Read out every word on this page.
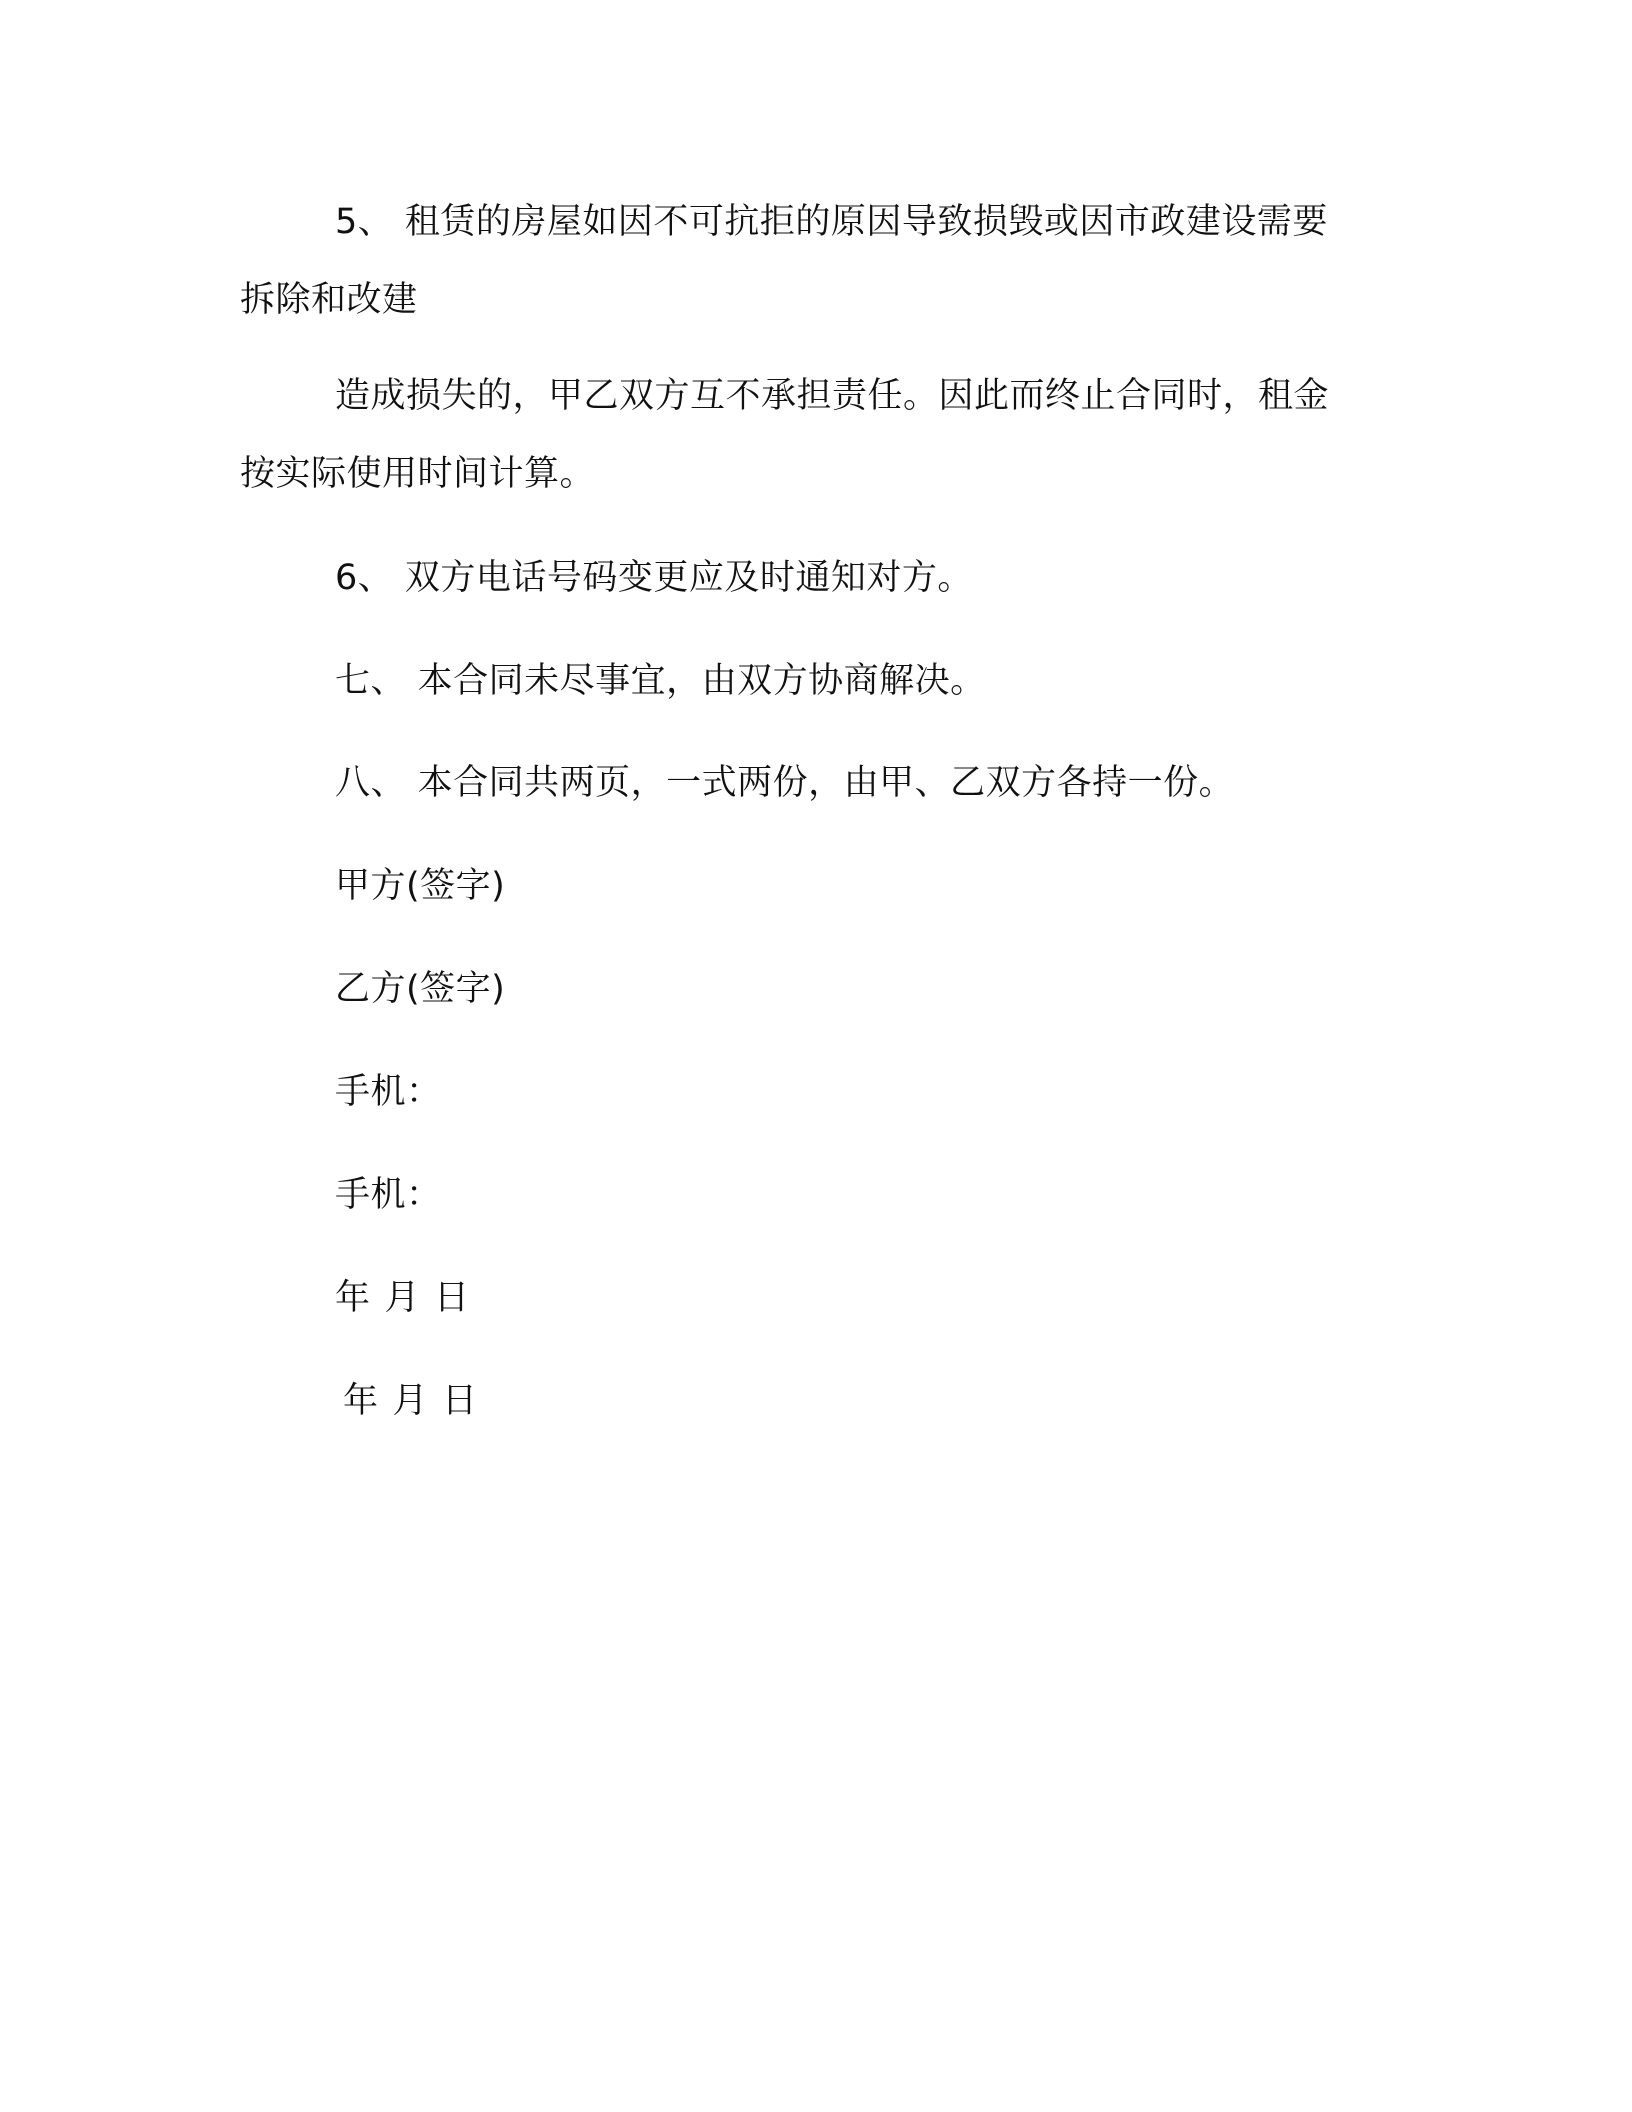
5、 租赁的房屋如因不可抗拒的原因导致损毁或因市政建设需要
拆除和改建

造成损失的，甲乙双方互不承担责任。因此而终止合同时，租金
按实际使用时间计算。

6、 双方电话号码变更应及时通知对方。

七、 本合同未尽事宜，由双方协商解决。

八、 本合同共两页，一式两份，由甲、乙双方各持一份。

甲方(签字)

乙方(签字)

手机：

手机：

年 月 日

年 月 日
